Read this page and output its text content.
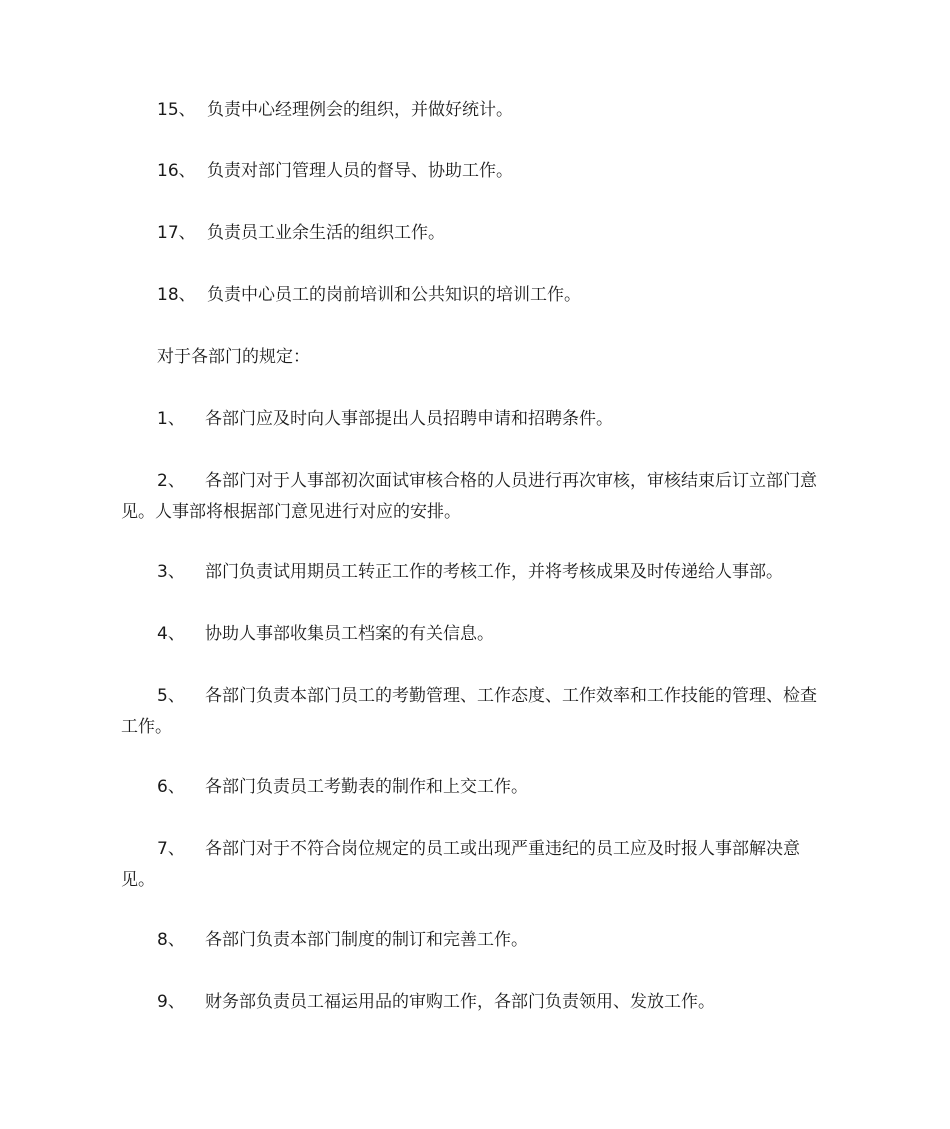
15、 负责中心经理例会的组织，并做好统计。

16、 负责对部门管理人员的督导、协助工作。

17、 负责员工业余生活的组织工作。

18、 负责中心员工的岗前培训和公共知识的培训工作。

对于各部门的规定：

1、 各部门应及时向人事部提出人员招聘申请和招聘条件。

2、 各部门对于人事部初次面试审核合格的人员进行再次审核，审核结束后订立部门意见。人事部将根据部门意见进行对应的安排。

3、 部门负责试用期员工转正工作的考核工作，并将考核成果及时传递给人事部。

4、 协助人事部收集员工档案的有关信息。

5、 各部门负责本部门员工的考勤管理、工作态度、工作效率和工作技能的管理、检查工作。

6、 各部门负责员工考勤表的制作和上交工作。

7、 各部门对于不符合岗位规定的员工或出现严重违纪的员工应及时报人事部解决意见。

8、 各部门负责本部门制度的制订和完善工作。

9、 财务部负责员工福运用品的审购工作，各部门负责领用、发放工作。
